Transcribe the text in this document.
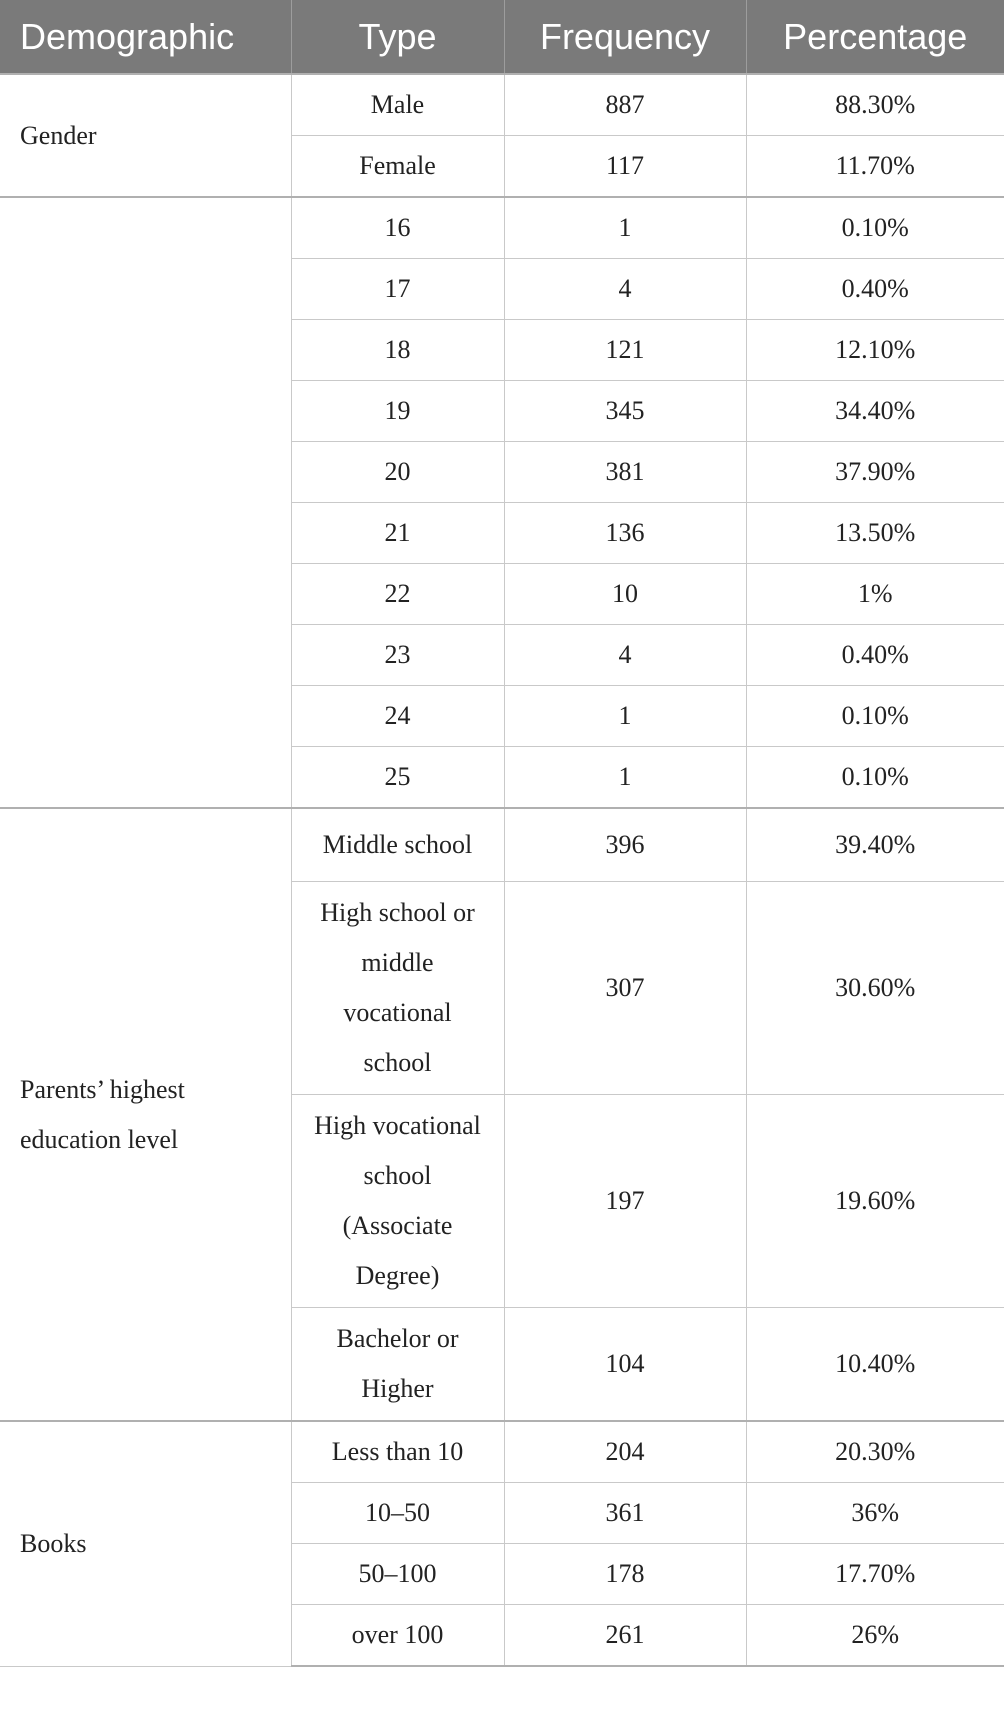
Demographic	Type	Frequency	Percentage
Gender	Male	887	88.30%
	Female	117	11.70%
	16	1	0.10%
	17	4	0.40%
	18	121	12.10%
	19	345	34.40%
	20	381	37.90%
	21	136	13.50%
	22	10	1%
	23	4	0.40%
	24	1	0.10%
	25	1	0.10%
Parents’ highest education level	Middle school	396	39.40%
	High school or middle vocational school	307	30.60%
	High vocational school (Associate Degree)	197	19.60%
	Bachelor or Higher	104	10.40%
Books	Less than 10	204	20.30%
	10–50	361	36%
	50–100	178	17.70%
	over 100	261	26%
